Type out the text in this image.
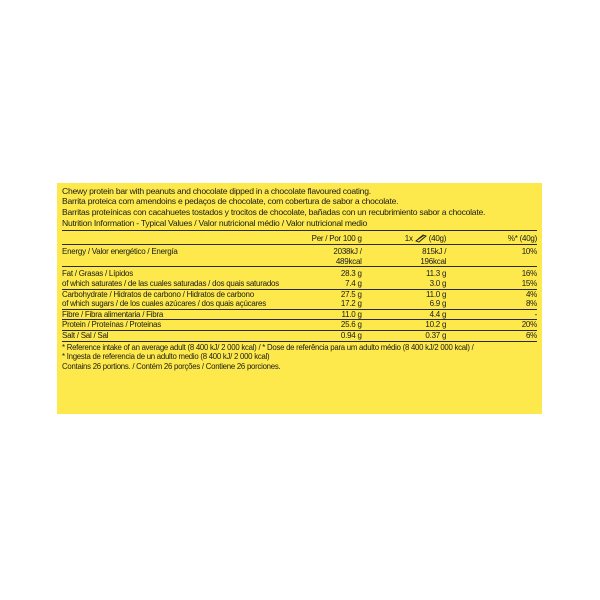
Chewy protein bar with peanuts and chocolate dipped in a chocolate flavoured coating.
Barrita proteica com amendoins e pedaços de chocolate, com cobertura de sabor a chocolate.
Barritas proteínicas con cacahuetes tostados y trocitos de chocolate, bañadas con un recubrimiento sabor a chocolate.
Nutrition Information - Typical Values / Valor nutricional médio / Valor nutricional medio
	Per / Por 100 g	1x (40g)	%* (40g)
Energy / Valor energético / Energía	2038kJ /	815kJ /	10%
	489kcal	196kcal	
Fat / Grasas / Lípidos	28.3 g	11.3 g	16%
of which saturates / de las cuales saturadas / dos quais saturados	7.4 g	3.0 g	15%
Carbohydrate / Hidratos de carbono / Hidratos de carbono	27.5 g	11.0 g	4%
of which sugars / de los cuales azúcares / dos quais açúcares	17.2 g	6.9 g	8%
Fibre / Fibra alimentaria / Fibra	11.0 g	4.4 g	-
Protein / Proteínas / Proteinas	25.6 g	10.2 g	20%
Salt / Sal / Sal	0.94 g	0.37 g	6%
* Reference intake of an average adult (8 400 kJ/ 2 000 kcal) / * Dose de referência para um adulto médio (8 400 kJ/2 000 kcal) /
* Ingesta de referencia de un adulto medio (8 400 kJ/ 2 000 kcal)
Contains 26 portions. / Contém 26 porções / Contiene 26 porciones.
